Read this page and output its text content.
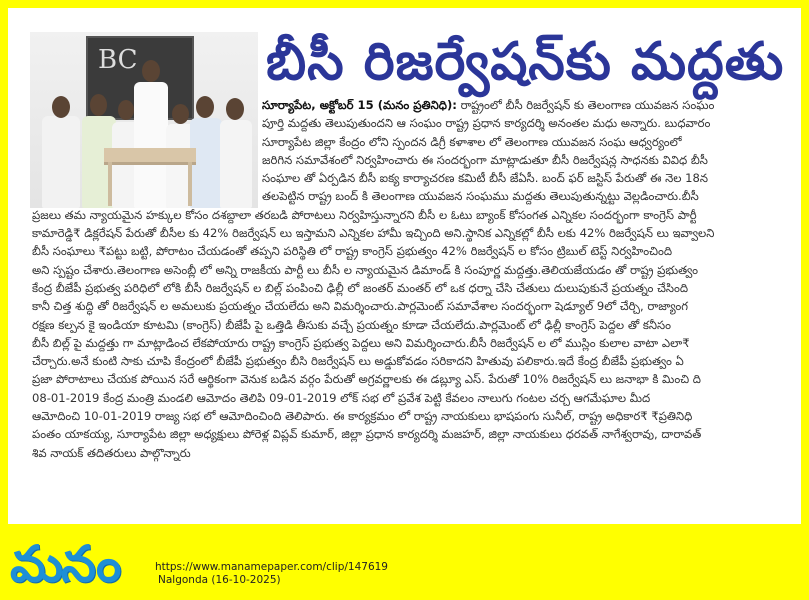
BC	బీసీ రిజర్వేషన్‌కు మద్దతు

సూర్యాపేట, అక్టోబర్ 15 (మనం ప్రతినిధి): రాష్ట్రంలో బీసీ రిజర్వేషన్ కు తెలంగాణ యువజన సంఘం

పూర్తి మద్దతు తెలుపుతుందని ఆ సంఘం రాష్ట్ర ప్రధాన కార్యదర్శి అనంతల మధు అన్నారు. బుధవారం

సూర్యాపేట జిల్లా కేంద్రం లోని స్పందన డిగ్రీ కళాశాల లో తెలంగాణ యువజన సంఘ ఆధ్వర్యంలో

జరిగిన సమావేశంలో నిర్వహించారు ఈ సందర్భంగా మాట్లాడుతూ బీసీ రిజర్వేషన్ల సాధనకు వివిధ బీసీ

సంఘాల తో ఏర్పడిన బీసీ ఐక్య కార్యాచరణ కమిటీ బీసీ జేఏసీ. బంద్ ఫర్ జస్టిస్ పేరుతో ఈ నెల 18న

తలపెట్టిన రాష్ట్ర బంద్ కి తెలంగాణ యువజన సంఘము మద్దతు తెలుపుతున్నట్టు వెల్లడించారు.బీసీ

ప్రజలు తమ న్యాయమైన హక్కుల కోసం దశబ్దాలా తరబడి పోరాటలు నిర్వహిస్తున్నారని బీసీ ల ఓటు బ్యాంక్ కోసంగత ఎన్నికల సందర్భంగా కాంగ్రెస్ పార్టీ

కామారెడ్డి₹ డిక్లరేషన్ పేరుతో బీసీల కు 42% రిజర్వేషన్ లు ఇస్తామని ఎన్నికల హామీ ఇచ్చింది అని.స్థానిక ఎన్నికల్లో బీసీ లకు 42% రిజర్వేషన్ లు ఇవ్వాలని

బీసీ సంఘాలు ₹పట్టు బట్టి, పోరాటం చేయడంతో తప్పని పరిస్థితి లో రాష్ట్ర కాంగ్రెస్ ప్రభుత్వం 42% రిజర్వేషన్ ల కోసం ట్రిబుల్ టెస్ట్ నిర్వహించింది

అని స్పష్టం చేశారు.తెలంగాణ అసెంబ్లీ లో అన్ని రాజకీయ పార్టీ లు బీసీ ల న్యాయమైన డిమాండ్ కి సంపూర్ణ మద్దత్తు.తెలియజేయడం తో రాష్ట్ర ప్రభుత్వం

కేంద్ర బీజేపీ ప్రభుత్వ పరిధిలో లోకి బీసీ రిజర్వేషన్ ల బిల్ల్ పంపించి ఢిల్లీ లో జంతర్ మంతర్ లో ఒక ధర్నా చేసి చేతులు దులుపుకునే ప్రయత్నం చేసింది

కానీ చిత్త శుద్ధి తో రిజర్వేషన్ ల అమలుకు ప్రయత్నం చేయలేదు అని విమర్శించారు.పార్లమెంట్ సమావేశాల సందర్భంగా షెడ్యూల్ 9లో చేర్చి, రాజ్యాంగ

రక్షణ కల్పన కై ఇండియా కూటమి (కాంగ్రెస్) బీజేపీ పై ఒత్తిడి తీసుకు వచ్చే ప్రయత్నం కూడా చేయలేదు.పార్లమెంట్ లో ఢిల్లీ కాంగ్రెస్ పెద్దల తో కనీసం

బీసీ బిల్ల్ పై మద్దత్తు గా మాట్లాడించ లేకపోయారు రాష్ట్ర కాంగ్రెస్ ప్రభుత్వ పెద్దలు అని విమర్శించారు.బీసీ రిజర్వేషన్ ల లో ముస్లిం కులాల వాటా ఎలా₹

చేర్చారు.అనే కుంటి సాకు చూపి కేంద్రంలో బీజేపీ ప్రభుత్వం బీసి రిజర్వేషన్ లు అడ్డుకోవడం సరికాదని హితువు పలికారు.ఇదే కేంద్ర బీజేపీ ప్రభుత్వం ఏ

ప్రజా పోరాటాలు చేయక పోయిన సరే ఆర్థికంగా వెనుక బడిన వర్గం పేరుతో అగ్రవర్ణాలకు ఈ డబ్ల్యూ ఎస్. పేరుతో 10% రిజర్వేషన్ లు జనాభా కి మించి ది

08-01-2019 కేంద్ర మంత్రి మండలి ఆమోదం తెలిపి 09-01-2019 లోక్ సభ లో ప్రవేశ పెట్టి కేవలం నాలుగు గంటల చర్చ ఆగమేఘాల మీద

ఆమోదించి 10-01-2019 రాజ్య సభ లో ఆమోదించింది తెలిపారు. ఈ కార్యక్రమం లో రాష్ట్ర నాయకులు భాషపంగు సునీల్, రాష్ట్ర అధికార₹ ₹ప్రతినిధి

పంతం యాకయ్య, సూర్యాపేట జిల్లా అధ్యక్షులు పోరెళ్ల విప్లవ్ కుమార్, జిల్లా ప్రధాన కార్యదర్శి మజహర్, జిల్లా నాయకులు ధరవత్ నాగేశ్వరావు, దారావత్

శివ నాయక్ తదితరులు పాల్గొన్నారు

మనం	https://www.manamepaper.com/clip/147619
Nalgonda (16-10-2025)
